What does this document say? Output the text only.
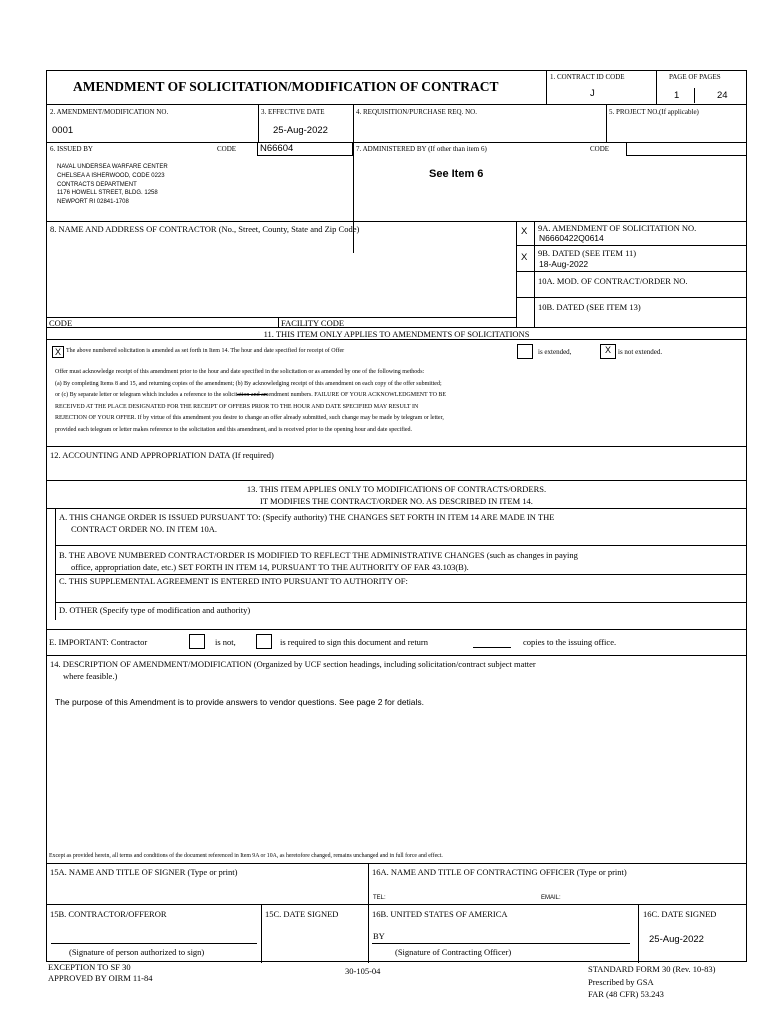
AMENDMENT OF SOLICITATION/MODIFICATION OF CONTRACT
1. CONTRACT ID CODE
J
PAGE OF PAGES
1	24
2. AMENDMENT/MODIFICATION NO.
0001
3. EFFECTIVE DATE
25-Aug-2022
4. REQUISITION/PURCHASE REQ. NO.	5. PROJECT NO.(If applicable)
6. ISSUED BY	CODE	N66604	7. ADMINISTERED BY (If other than item 6)	CODE
NAVAL UNDERSEA WARFARE CENTER
CHELSEA A ISHERWOOD, CODE 0223
CONTRACTS DEPARTMENT
1176 HOWELL STREET, BLDG. 1258
NEWPORT RI 02841-1708
See Item 6
8. NAME AND ADDRESS OF CONTRACTOR (No., Street, County, State and Zip Code)	X 9A. AMENDMENT OF SOLICITATION NO.
N6660422Q0614
X 9B. DATED (SEE ITEM 11)
18-Aug-2022
10A. MOD. OF CONTRACT/ORDER NO.
10B. DATED (SEE ITEM 13)
CODE	FACILITY CODE
11. THIS ITEM ONLY APPLIES TO AMENDMENTS OF SOLICITATIONS
X The above numbered solicitation is amended as set forth in Item 14. The hour and date specified for receipt of Offer	is extended,	X	is not extended.
Offer must acknowledge receipt of this amendment prior to the hour and date specified in the solicitation or as amended by one of the following methods:
(a) By completing Items 8 and 15, and returning copies of the amendment; (b) By acknowledging receipt of this amendment on each copy of the offer submitted;
or (c) By separate letter or telegram which includes a reference to the solicitation and amendment numbers. FAILURE OF YOUR ACKNOWLEDGMENT TO BE
RECEIVED AT THE PLACE DESIGNATED FOR THE RECEIPT OF OFFERS PRIOR TO THE HOUR AND DATE SPECIFIED MAY RESULT IN
REJECTION OF YOUR OFFER. If by virtue of this amendment you desire to change an offer already submitted, such change may be made by telegram or letter,
provided each telegram or letter makes reference to the solicitation and this amendment, and is received prior to the opening hour and date specified.
12. ACCOUNTING AND APPROPRIATION DATA (If required)
13. THIS ITEM APPLIES ONLY TO MODIFICATIONS OF CONTRACTS/ORDERS.
IT MODIFIES THE CONTRACT/ORDER NO. AS DESCRIBED IN ITEM 14.
A. THIS CHANGE ORDER IS ISSUED PURSUANT TO: (Specify authority) THE CHANGES SET FORTH IN ITEM 14 ARE MADE IN THE
CONTRACT ORDER NO. IN ITEM 10A.
B. THE ABOVE NUMBERED CONTRACT/ORDER IS MODIFIED TO REFLECT THE ADMINISTRATIVE CHANGES (such as changes in paying
office, appropriation date, etc.) SET FORTH IN ITEM 14, PURSUANT TO THE AUTHORITY OF FAR 43.103(B).
C. THIS SUPPLEMENTAL AGREEMENT IS ENTERED INTO PURSUANT TO AUTHORITY OF:
D. OTHER (Specify type of modification and authority)
E. IMPORTANT: Contractor	is not,	is required to sign this document and return	copies to the issuing office.
14. DESCRIPTION OF AMENDMENT/MODIFICATION (Organized by UCF section headings, including solicitation/contract subject matter
where feasible.)
The purpose of this Amendment is to provide answers to vendor questions. See page 2 for detials.
Except as provided herein, all terms and conditions of the document referenced in Item 9A or 10A, as heretofore changed, remains unchanged and in full force and effect.
15A. NAME AND TITLE OF SIGNER (Type or print)	16A. NAME AND TITLE OF CONTRACTING OFFICER (Type or print)
TEL:	EMAIL:
15B. CONTRACTOR/OFFEROR	15C. DATE SIGNED	16B. UNITED STATES OF AMERICA	16C. DATE SIGNED
(Signature of person authorized to sign)
BY
(Signature of Contracting Officer)
25-Aug-2022
EXCEPTION TO SF 30
APPROVED BY OIRM 11-84
30-105-04	STANDARD FORM 30 (Rev. 10-83)
Prescribed by GSA
FAR (48 CFR) 53.243
